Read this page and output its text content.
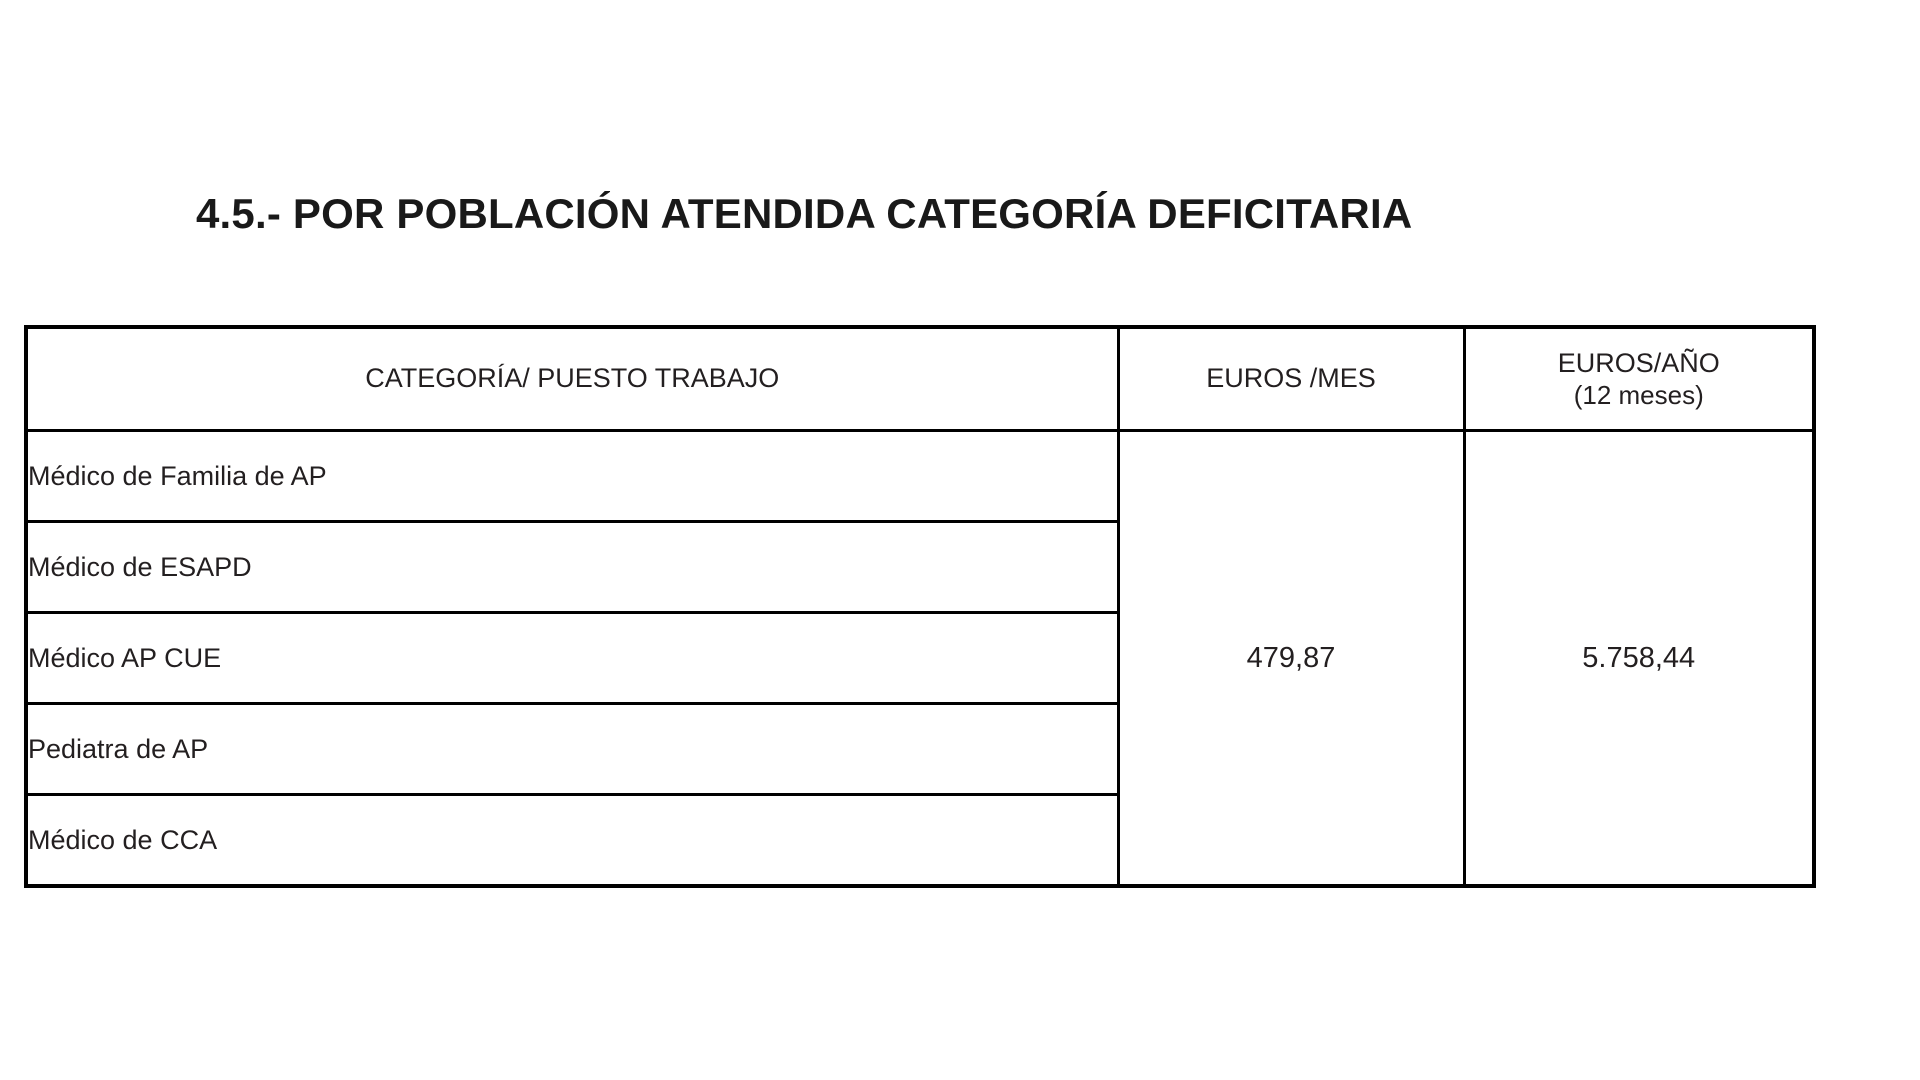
4.5.- POR POBLACIÓN ATENDIDA CATEGORÍA DEFICITARIA
CATEGORÍA/ PUESTO TRABAJO	EUROS /MES	EUROS/AÑO
(12 meses)

Médico de Familia de AP	479,87	5.758,44
Médico de ESAPD		
Médico AP CUE		
Pediatra de AP		
Médico de CCA		
